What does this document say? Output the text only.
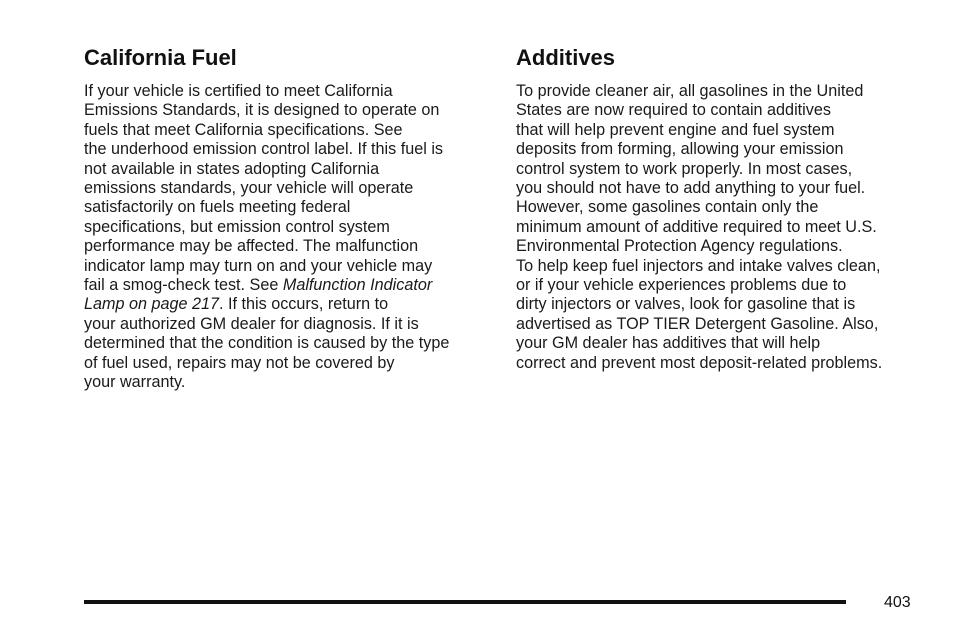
California Fuel

If your vehicle is certified to meet California
Emissions Standards, it is designed to operate on
fuels that meet California specifications. See
the underhood emission control label. If this fuel is
not available in states adopting California
emissions standards, your vehicle will operate
satisfactorily on fuels meeting federal
specifications, but emission control system
performance may be affected. The malfunction
indicator lamp may turn on and your vehicle may
fail a smog-check test. See Malfunction Indicator
Lamp on page 217. If this occurs, return to
your authorized GM dealer for diagnosis. If it is
determined that the condition is caused by the type
of fuel used, repairs may not be covered by
your warranty.

Additives

To provide cleaner air, all gasolines in the United
States are now required to contain additives
that will help prevent engine and fuel system
deposits from forming, allowing your emission
control system to work properly. In most cases,
you should not have to add anything to your fuel.
However, some gasolines contain only the
minimum amount of additive required to meet U.S.
Environmental Protection Agency regulations.
To help keep fuel injectors and intake valves clean,
or if your vehicle experiences problems due to
dirty injectors or valves, look for gasoline that is
advertised as TOP TIER Detergent Gasoline. Also,
your GM dealer has additives that will help
correct and prevent most deposit-related problems.

403
